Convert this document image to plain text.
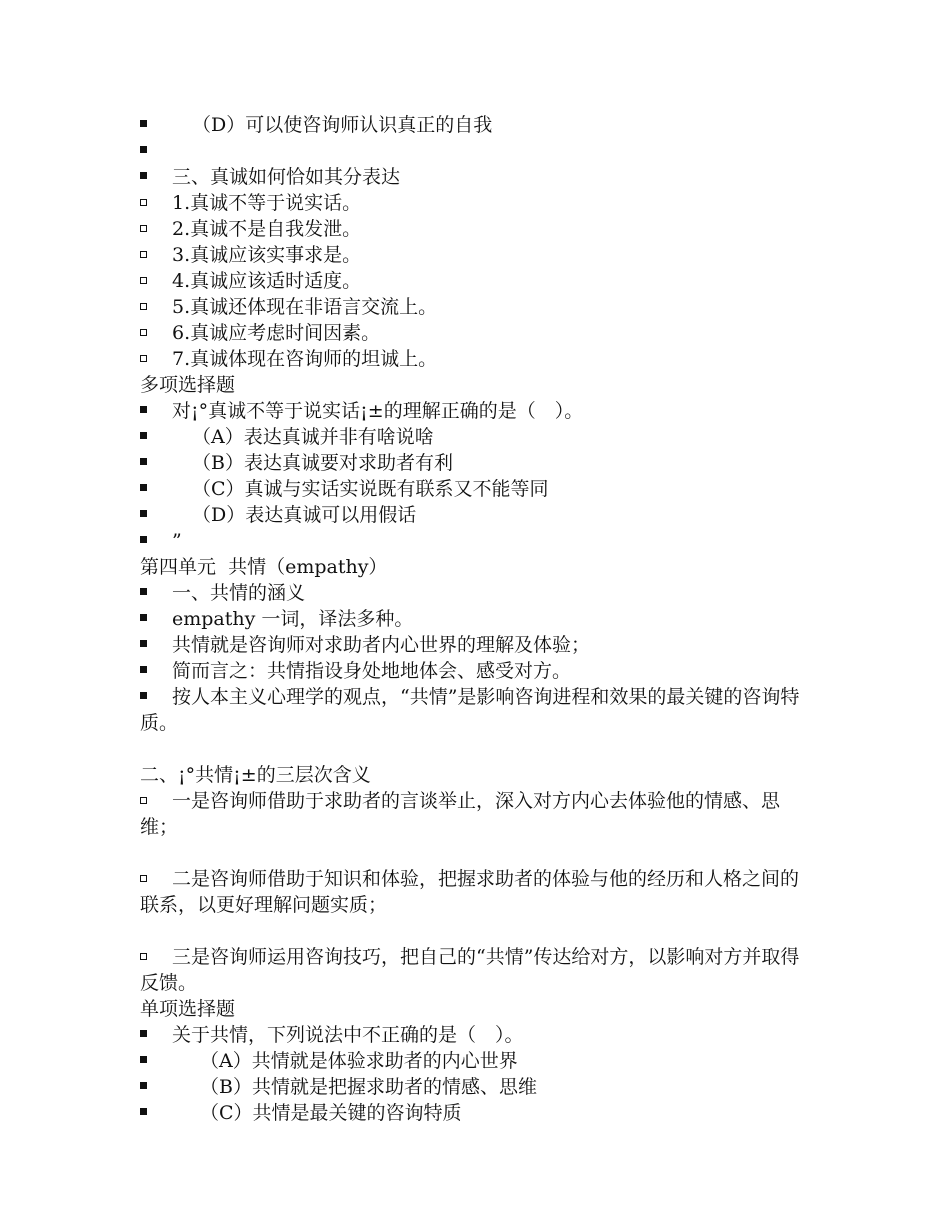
（D）可以使咨询师认识真正的自我
三、真诚如何恰如其分表达
1.真诚不等于说实话。
2.真诚不是自我发泄。
3.真诚应该实事求是。
4.真诚应该适时适度。
5.真诚还体现在非语言交流上。
6.真诚应考虑时间因素。
7.真诚体现在咨询师的坦诚上。
多项选择题
对¡°真诚不等于说实话¡±的理解正确的是（　）。
（A）表达真诚并非有啥说啥
（B）表达真诚要对求助者有利
（C）真诚与实话实说既有联系又不能等同
（D）表达真诚可以用假话
”
第四单元  共情（empathy）
一、共情的涵义
empathy 一词，译法多种。
共情就是咨询师对求助者内心世界的理解及体验；
简而言之：共情指设身处地地体会、感受对方。
按人本主义心理学的观点，“共情”是影响咨询进程和效果的最关键的咨询特质。
二、¡°共情¡±的三层次含义
一是咨询师借助于求助者的言谈举止，深入对方内心去体验他的情感、思维；
二是咨询师借助于知识和体验，把握求助者的体验与他的经历和人格之间的联系，以更好理解问题实质；
三是咨询师运用咨询技巧，把自己的“共情”传达给对方，以影响对方并取得反馈。
单项选择题
关于共情，下列说法中不正确的是（　）。
（A）共情就是体验求助者的内心世界
（B）共情就是把握求助者的情感、思维
（C）共情是最关键的咨询特质
